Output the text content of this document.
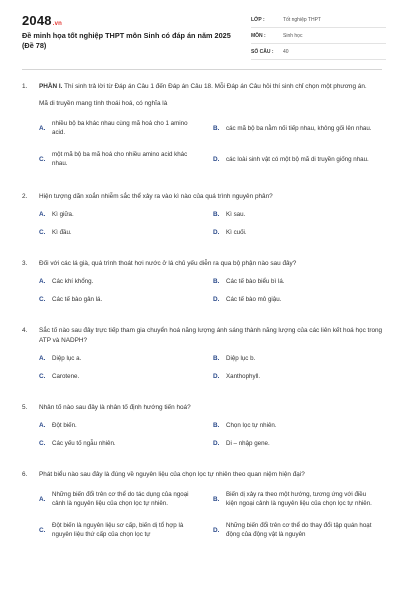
2048.vn
Đề minh họa tốt nghiệp THPT môn Sinh có đáp án năm 2025 (Đề 78)
LỚP :	Tốt nghiệp THPT
MÔN :	Sinh học
SỐ CÂU :	40
1.	PHẦN I. Thí sinh trả lời từ Đáp án Câu 1 đến Đáp án Câu 18. Mỗi Đáp án Câu hỏi thí sinh chỉ chọn một phương án.
Mã di truyền mang tính thoái hoá, có nghĩa là
A.
nhiều bộ ba khác nhau cùng mã hoá cho 1 amino acid.
B.	các mã bộ ba nằm nối tiếp nhau, không gối lên nhau.
C.
một mã bộ ba mã hoá cho nhiều amino acid khác nhau.
D.	các loài sinh vật có một bộ mã di truyền giống nhau.
2.	Hiện tượng dãn xoắn nhiễm sắc thể xảy ra vào kì nào của quá trình nguyên phân?
A.	Kì giữa.	B.	Kì sau.
C.	Kì đầu.	D.	Kì cuối.
3.	Đối với các lá già, quá trình thoát hơi nước ở lá chủ yếu diễn ra qua bộ phận nào sau đây?
A.	Các khí khổng.	B.	Các tế bào biểu bì lá.
C.	Các tế bào gân lá.	D.	Các tế bào mô giậu.
4.	Sắc tố nào sau đây trực tiếp tham gia chuyển hoá năng lượng ánh sáng thành năng lượng của các liên kết hoá học trong ATP và NADPH?
A.	Diệp lục a.	B.	Diệp lục b.
C.	Carotene.	D.	Xanthophyll.
5.	Nhân tố nào sau đây là nhân tố định hướng tiến hoá?
A.	Đột biến.	B.	Chọn lọc tự nhiên.
C.	Các yếu tố ngẫu nhiên.	D.	Di – nhập gene.
6.	Phát biểu nào sau đây là đúng về nguyên liệu của chọn lọc tự nhiên theo quan niệm hiện đại?
A.
Những biến đổi trên cơ thể do tác dụng của ngoại cảnh là nguyên liệu của chọn lọc tự nhiên.
B.
Biến dị xảy ra theo một hướng, tương ứng với điều kiện ngoại cảnh là nguyên liệu của chọn lọc tự nhiên.
C.
Đột biến là nguyên liệu sơ cấp, biến dị tổ hợp là nguyên liệu thứ cấp của chọn lọc tự
D.
Những biến đổi trên cơ thể do thay đổi tập quán hoạt động của động vật là nguyên
